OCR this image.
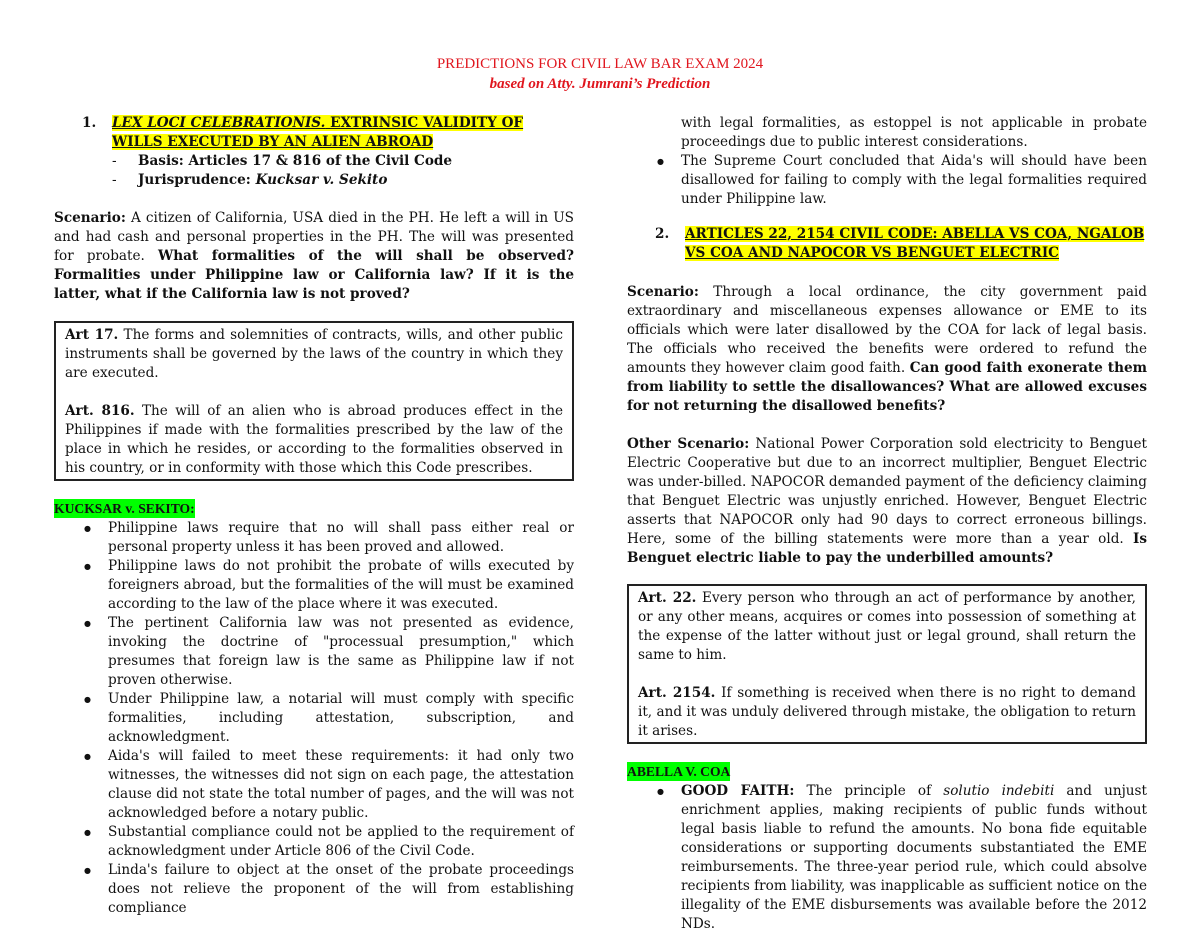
PREDICTIONS FOR CIVIL LAW BAR EXAM 2024
based on Atty. Jumrani’s Prediction
1.	LEX LOCI CELEBRATIONIS. EXTRINSIC VALIDITY OF WILLS EXECUTED BY AN ALIEN ABROAD
- Basis: Articles 17 & 816 of the Civil Code
- Jurisprudence: Kucksar v. Sekito
Scenario: A citizen of California, USA died in the PH. He left a will in US and had cash and personal properties in the PH. The will was presented for probate. What formalities of the will shall be observed? Formalities under Philippine law or California law? If it is the latter, what if the California law is not proved?
Art 17. The forms and solemnities of contracts, wills, and other public instruments shall be governed by the laws of the country in which they are executed.
Art. 816. The will of an alien who is abroad produces effect in the Philippines if made with the formalities prescribed by the law of the place in which he resides, or according to the formalities observed in his country, or in conformity with those which this Code prescribes.
KUCKSAR v. SEKITO:
● Philippine laws require that no will shall pass either real or personal property unless it has been proved and allowed.
● Philippine laws do not prohibit the probate of wills executed by foreigners abroad, but the formalities of the will must be examined according to the law of the place where it was executed.
● The pertinent California law was not presented as evidence, invoking the doctrine of "processual presumption," which presumes that foreign law is the same as Philippine law if not proven otherwise.
● Under Philippine law, a notarial will must comply with specific formalities, including attestation, subscription, and acknowledgment.
● Aida's will failed to meet these requirements: it had only two witnesses, the witnesses did not sign on each page, the attestation clause did not state the total number of pages, and the will was not acknowledged before a notary public.
● Substantial compliance could not be applied to the requirement of acknowledgment under Article 806 of the Civil Code.
● Linda's failure to object at the onset of the probate proceedings does not relieve the proponent of the will from establishing compliance
with legal formalities, as estoppel is not applicable in probate proceedings due to public interest considerations.
● The Supreme Court concluded that Aida's will should have been disallowed for failing to comply with the legal formalities required under Philippine law.
2.	ARTICLES 22, 2154 CIVIL CODE: ABELLA VS COA, NGALOB VS COA AND NAPOCOR VS BENGUET ELECTRIC
Scenario: Through a local ordinance, the city government paid extraordinary and miscellaneous expenses allowance or EME to its officials which were later disallowed by the COA for lack of legal basis. The officials who received the benefits were ordered to refund the amounts they however claim good faith. Can good faith exonerate them from liability to settle the disallowances? What are allowed excuses for not returning the disallowed benefits?
Other Scenario: National Power Corporation sold electricity to Benguet Electric Cooperative but due to an incorrect multiplier, Benguet Electric was under-billed. NAPOCOR demanded payment of the deficiency claiming that Benguet Electric was unjustly enriched. However, Benguet Electric asserts that NAPOCOR only had 90 days to correct erroneous billings. Here, some of the billing statements were more than a year old. Is Benguet electric liable to pay the underbilled amounts?
Art. 22. Every person who through an act of performance by another, or any other means, acquires or comes into possession of something at the expense of the latter without just or legal ground, shall return the same to him.
Art. 2154. If something is received when there is no right to demand it, and it was unduly delivered through mistake, the obligation to return it arises.
ABELLA V. COA
● GOOD FAITH: The principle of solutio indebiti and unjust enrichment applies, making recipients of public funds without legal basis liable to refund the amounts. No bona fide equitable considerations or supporting documents substantiated the EME reimbursements. The three-year period rule, which could absolve recipients from liability, was inapplicable as sufficient notice on the illegality of the EME disbursements was available before the 2012 NDs.
